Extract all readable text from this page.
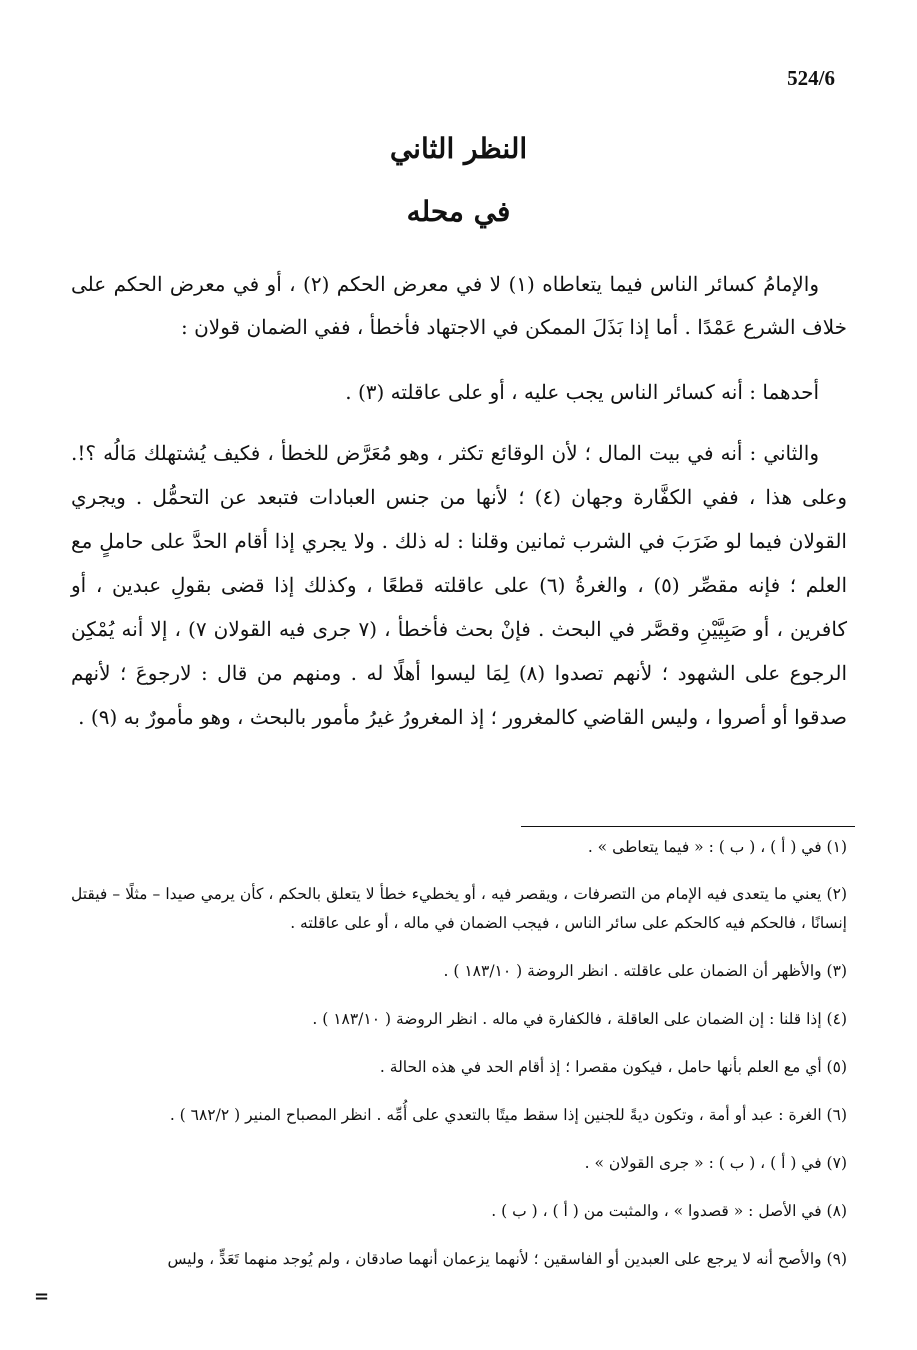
524/6
النظر الثاني
في محله
والإمامُ كسائر الناس فيما يتعاطاه (١) لا في معرض الحكم (٢) ، أو في معرض الحكم على خلاف الشرع عَمْدًا . أما إذا بَذَلَ الممكن في الاجتهاد فأخطأ ، ففي الضمان قولان :
أحدهما : أنه كسائر الناس يجب عليه ، أو على عاقلته (٣) .
والثاني : أنه في بيت المال ؛ لأن الوقائع تكثر ، وهو مُعَرَّض للخطأ ، فكيف يُشتهلك مَالُه ؟!. وعلى هذا ، ففي الكفَّارة وجهان (٤) ؛ لأنها من جنس العبادات فتبعد عن التحمُّل . ويجري القولان فيما لو ضَرَبَ في الشرب ثمانين وقلنا : له ذلك . ولا يجري إذا أقام الحدَّ على حاملٍ مع العلم ؛ فإنه مقصِّر (٥) ، والغرةُ (٦) على عاقلته قطعًا ، وكذلك إذا قضى بقولِ عبدين ، أو كافرين ، أو صَبِيَّيْنِ وقصَّر في البحث . فإنْ بحث فأخطأ ، (٧ جرى فيه القولان ٧) ، إلا أنه يُمْكِن الرجوع على الشهود ؛ لأنهم تصدوا (٨) لِمَا ليسوا أهلًا له . ومنهم من قال : لارجوعَ ؛ لأنهم صدقوا أو أصروا ، وليس القاضي كالمغرور ؛ إذ المغرورُ غيرُ مأمور بالبحث ، وهو مأمورٌ به (٩) .
(١) في ( أ ) ، ( ب ) : « فيما يتعاطى » .
(٢) يعني ما يتعدى فيه الإمام من التصرفات ، ويقصر فيه ، أو يخطيء خطأ لا يتعلق بالحكم ، كأن يرمي صيدا – مثلًا – فيقتل إنسانًا ، فالحكم فيه كالحكم على سائر الناس ، فيجب الضمان في ماله ، أو على عاقلته .
(٣) والأظهر أن الضمان على عاقلته . انظر الروضة ( ١٨٣/١٠ ) .
(٤) إذا قلنا : إن الضمان على العاقلة ، فالكفارة في ماله . انظر الروضة ( ١٨٣/١٠ ) .
(٥) أي مع العلم بأنها حامل ، فيكون مقصرا ؛ إذ أقام الحد في هذه الحالة .
(٦) الغرة : عبد أو أمة ، وتكون ديةً للجنين إذا سقط ميتًا بالتعدي على أُمِّه . انظر المصباح المنير ( ٦٨٢/٢ ) .
(٧) في ( أ ) ، ( ب ) : « جرى القولان » .
(٨) في الأصل : « قصدوا » ، والمثبت من ( أ ) ، ( ب ) .
(٩) والأصح أنه لا يرجع على العبدين أو الفاسقين ؛ لأنهما يزعمان أنهما صادقان ، ولم يُوجد منهما تَعَدٍّ ، وليس
=
